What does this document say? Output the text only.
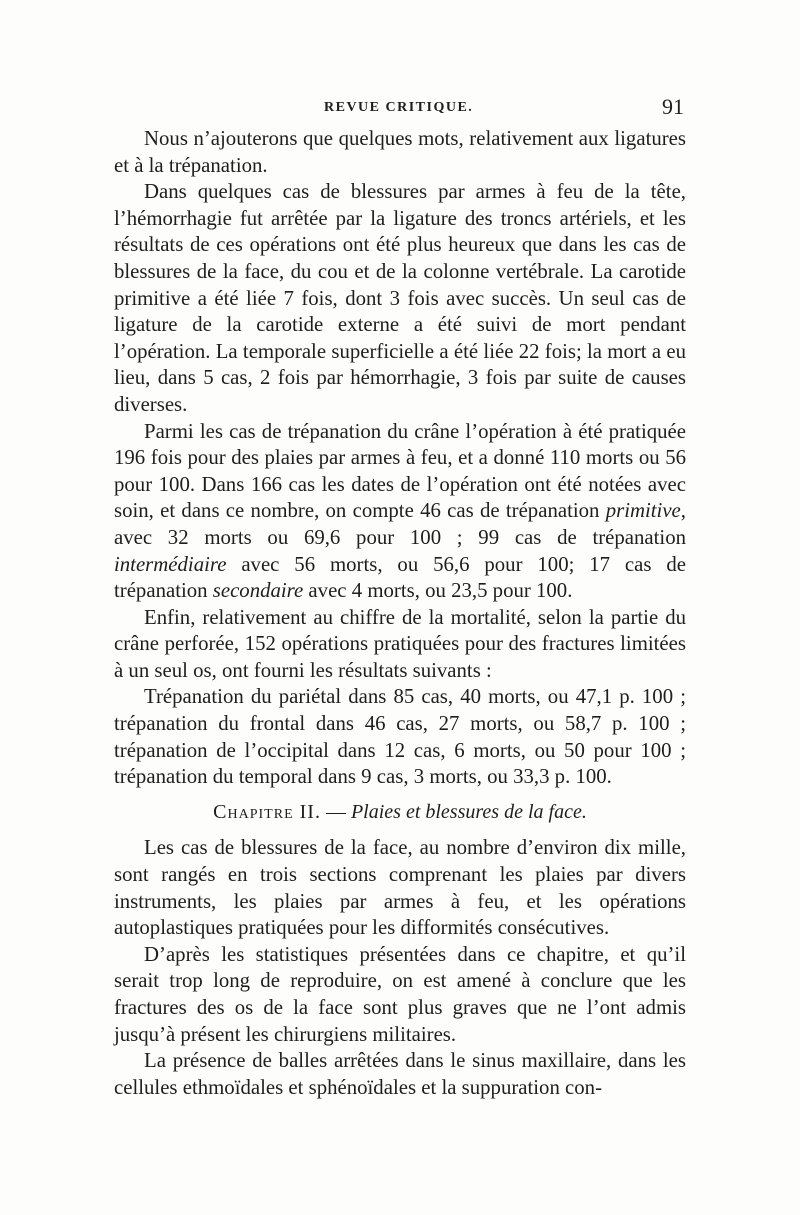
REVUE CRITIQUE.	91

Nous n’ajouterons que quelques mots, relativement aux ligatures et à la trépanation.

Dans quelques cas de blessures par armes à feu de la tête, l’hémorrhagie fut arrêtée par la ligature des troncs artériels, et les résultats de ces opérations ont été plus heureux que dans les cas de blessures de la face, du cou et de la colonne vertébrale. La carotide primitive a été liée 7 fois, dont 3 fois avec succès. Un seul cas de ligature de la carotide externe a été suivi de mort pendant l’opération. La temporale superficielle a été liée 22 fois; la mort a eu lieu, dans 5 cas, 2 fois par hémorrhagie, 3 fois par suite de causes diverses.

Parmi les cas de trépanation du crâne l’opération à été pratiquée 196 fois pour des plaies par armes à feu, et a donné 110 morts ou 56 pour 100. Dans 166 cas les dates de l’opération ont été notées avec soin, et dans ce nombre, on compte 46 cas de trépanation primitive, avec 32 morts ou 69,6 pour 100 ; 99 cas de trépanation intermédiaire avec 56 morts, ou 56,6 pour 100; 17 cas de trépanation secondaire avec 4 morts, ou 23,5 pour 100.

Enfin, relativement au chiffre de la mortalité, selon la partie du crâne perforée, 152 opérations pratiquées pour des fractures limitées à un seul os, ont fourni les résultats suivants :

Trépanation du pariétal dans 85 cas, 40 morts, ou 47,1 p. 100 ; trépanation du frontal dans 46 cas, 27 morts, ou 58,7 p. 100 ; trépanation de l’occipital dans 12 cas, 6 morts, ou 50 pour 100 ; trépanation du temporal dans 9 cas, 3 morts, ou 33,3 p. 100.

Chapitre II. — Plaies et blessures de la face.

Les cas de blessures de la face, au nombre d’environ dix mille, sont rangés en trois sections comprenant les plaies par divers instruments, les plaies par armes à feu, et les opérations autoplastiques pratiquées pour les difformités consécutives.

D’après les statistiques présentées dans ce chapitre, et qu’il serait trop long de reproduire, on est amené à conclure que les fractures des os de la face sont plus graves que ne l’ont admis jusqu’à présent les chirurgiens militaires.

La présence de balles arrêtées dans le sinus maxillaire, dans les cellules ethmoïdales et sphénoïdales et la suppuration con-
